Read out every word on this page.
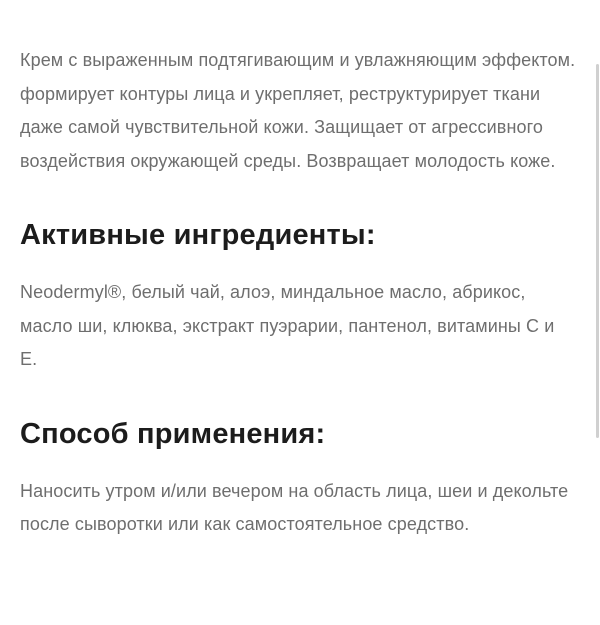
Крем с выраженным подтягивающим и увлажняющим эффектом. формирует контуры лица и укрепляет, реструктурирует ткани даже самой чувствительной кожи. Защищает от агрессивного воздействия окружающей среды. Возвращает молодость коже.

Активные ингредиенты:

Neodermyl®, белый чай, алоэ, миндальное масло, абрикос, масло ши, клюква, экстракт пуэрарии, пантенол, витамины С и Е.

Способ применения:

Наносить утром и/или вечером на область лица, шеи и декольте после сыворотки или как самостоятельное средство.
